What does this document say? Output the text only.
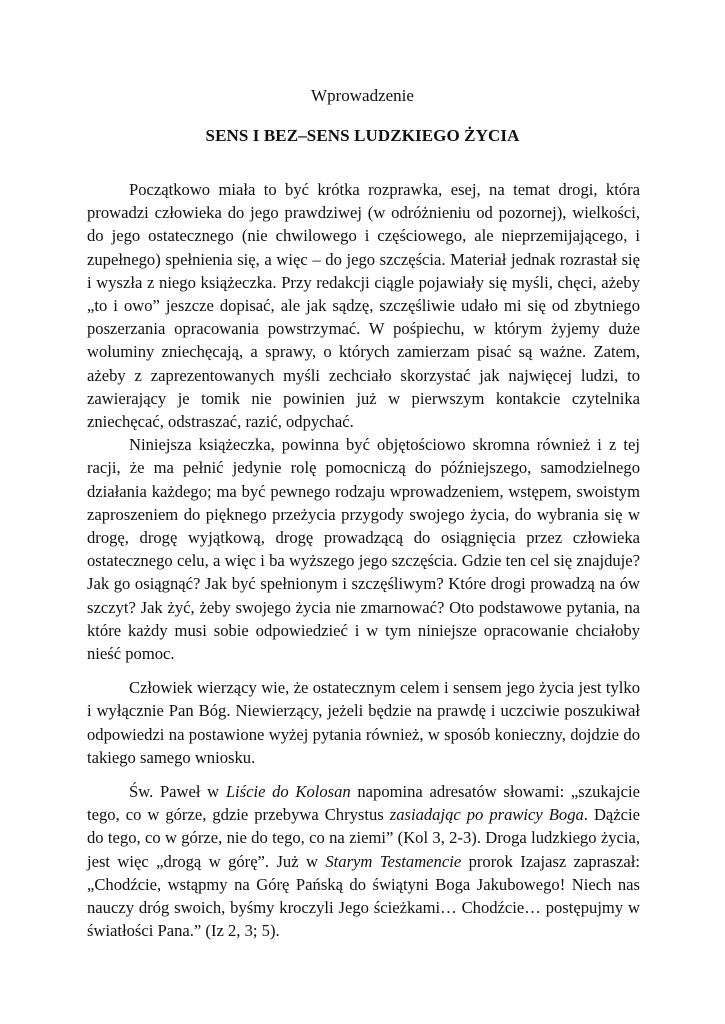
Wprowadzenie
SENS I BEZ–SENS LUDZKIEGO ŻYCIA

Początkowo miała to być krótka rozprawka, esej, na temat drogi, która prowadzi człowieka do jego prawdziwej (w odróżnieniu od pozornej), wielkości, do jego ostatecznego (nie chwilowego i częściowego, ale nieprzemijającego, i zupełnego) spełnienia się, a więc – do jego szczęścia. Materiał jednak rozrastał się i wyszła z niego książeczka. Przy redakcji ciągle pojawiały się myśli, chęci, ażeby „to i owo” jeszcze dopisać, ale jak sądzę, szczęśliwie udało mi się od zbytniego poszerzania opracowania powstrzymać. W pośpiechu, w którym żyjemy duże woluminy zniechęcają, a sprawy, o których zamierzam pisać są ważne. Zatem, ażeby z zaprezentowanych myśli zechciało skorzystać jak najwięcej ludzi, to zawierający je tomik nie powinien już w pierwszym kontakcie czytelnika zniechęcać, odstraszać, razić, odpychać.

Niniejsza książeczka, powinna być objętościowo skromna również i z tej racji, że ma pełnić jedynie rolę pomocniczą do późniejszego, samodzielnego działania każdego; ma być pewnego rodzaju wprowadzeniem, wstępem, swoistym zaproszeniem do pięknego przeżycia przygody swojego życia, do wybrania się w drogę, drogę wyjątkową, drogę prowadzącą do osiągnięcia przez człowieka ostatecznego celu, a więc i ba wyższego jego szczęścia. Gdzie ten cel się znajduje? Jak go osiągnąć? Jak być spełnionym i szczęśliwym? Które drogi prowadzą na ów szczyt? Jak żyć, żeby swojego życia nie zmarnować? Oto podstawowe pytania, na które każdy musi sobie odpowiedzieć i w tym niniejsze opracowanie chciałoby nieść pomoc.

Człowiek wierzący wie, że ostatecznym celem i sensem jego życia jest tylko i wyłącznie Pan Bóg. Niewierzący, jeżeli będzie na prawdę i uczciwie poszukiwał odpowiedzi na postawione wyżej pytania również, w sposób konieczny, dojdzie do takiego samego wniosku.

Św. Paweł w Liście do Kolosan napomina adresatów słowami: „szukajcie tego, co w górze, gdzie przebywa Chrystus zasiadając po prawicy Boga. Dążcie do tego, co w górze, nie do tego, co na ziemi” (Kol 3, 2-3). Droga ludzkiego życia, jest więc „drogą w górę”. Już w Starym Testamencie prorok Izajasz zapraszał: „Chodźcie, wstąpmy na Górę Pańską do świątyni Boga Jakubowego! Niech nas nauczy dróg swoich, byśmy kroczyli Jego ścieżkami… Chodźcie… postępujmy w światłości Pana.” (Iz 2, 3; 5).
